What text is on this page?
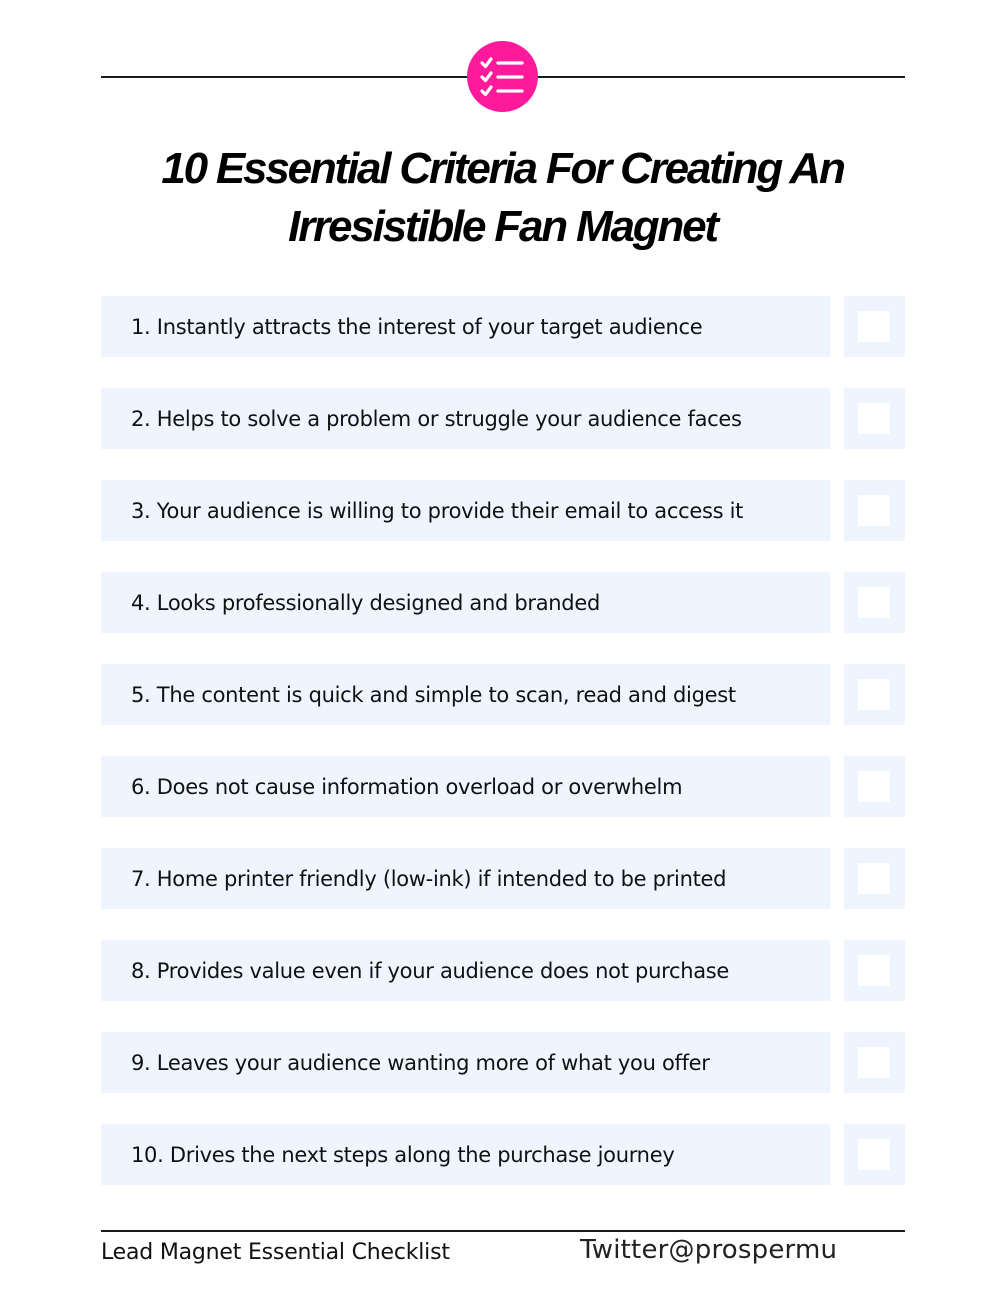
10 Essential Criteria For Creating An
Irresistible Fan Magnet
1. Instantly attracts the interest of your target audience
2. Helps to solve a problem or struggle your audience faces
3. Your audience is willing to provide their email to access it
4. Looks professionally designed and branded
5. The content is quick and simple to scan, read and digest
6. Does not cause information overload or overwhelm
7. Home printer friendly (low-ink) if intended to be printed
8. Provides value even if your audience does not purchase
9. Leaves your audience wanting more of what you offer
10. Drives the next steps along the purchase journey
Lead Magnet Essential Checklist	Twitter@prospermu
